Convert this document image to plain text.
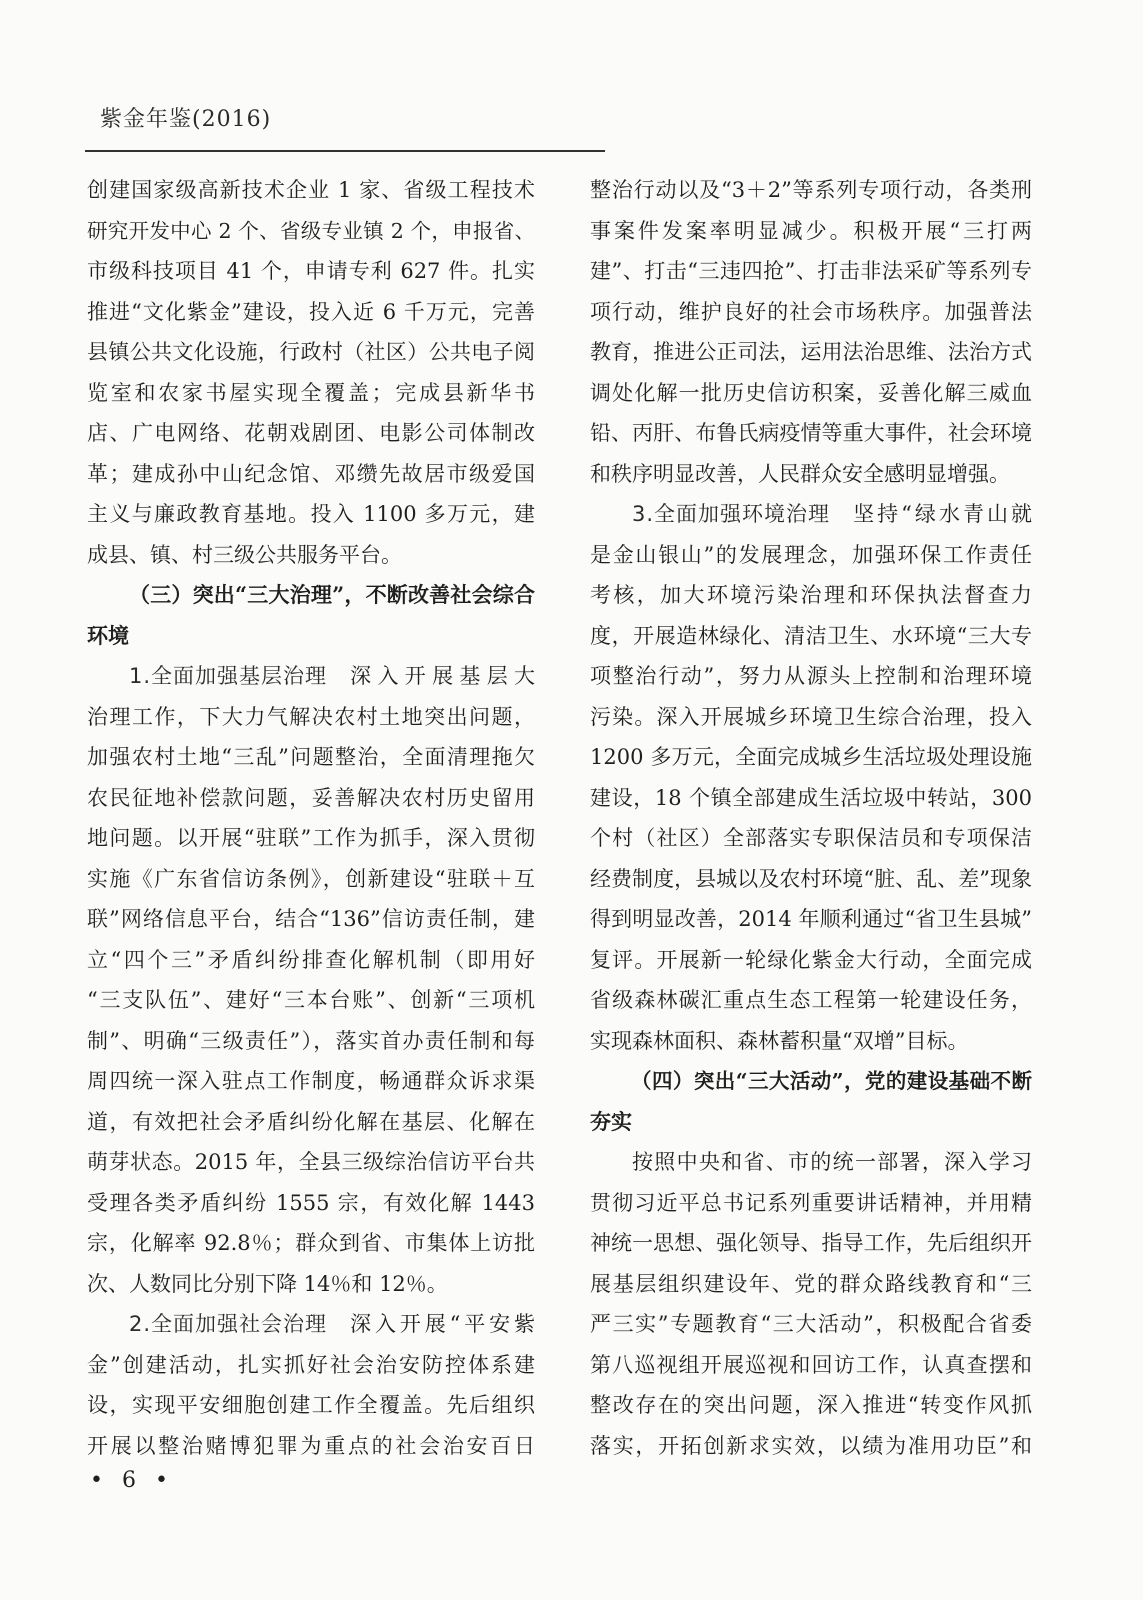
紫金年鉴(2016)
创建国家级高新技术企业 1 家、省级工程技术
研究开发中心 2 个、省级专业镇 2 个，申报省、
市级科技项目 41 个，申请专利 627 件。扎实
推进“文化紫金”建设，投入近 6 千万元，完善
县镇公共文化设施，行政村（社区）公共电子阅
览室和农家书屋实现全覆盖；完成县新华书
店、广电网络、花朝戏剧团、电影公司体制改
革；建成孙中山纪念馆、邓缵先故居市级爱国
主义与廉政教育基地。投入 1100 多万元，建
成县、镇、村三级公共服务平台。
（三）突出“三大治理”，不断改善社会综合
环境
1.全面加强基层治理 深入开展基层大
治理工作，下大力气解决农村土地突出问题，
加强农村土地“三乱”问题整治，全面清理拖欠
农民征地补偿款问题，妥善解决农村历史留用
地问题。以开展“驻联”工作为抓手，深入贯彻
实施《广东省信访条例》，创新建设“驻联＋互
联”网络信息平台，结合“136”信访责任制，建
立“四个三”矛盾纠纷排查化解机制（即用好
“三支队伍”、建好“三本台账”、创新“三项机
制”、明确“三级责任”），落实首办责任制和每
周四统一深入驻点工作制度，畅通群众诉求渠
道，有效把社会矛盾纠纷化解在基层、化解在
萌芽状态。2015 年，全县三级综治信访平台共
受理各类矛盾纠纷 1555 宗，有效化解 1443
宗，化解率 92.8％；群众到省、市集体上访批
次、人数同比分别下降 14％和 12％。
2.全面加强社会治理 深入开展“平安紫
金”创建活动，扎实抓好社会治安防控体系建
设，实现平安细胞创建工作全覆盖。先后组织
开展以整治赌博犯罪为重点的社会治安百日
整治行动以及“3＋2”等系列专项行动，各类刑
事案件发案率明显减少。积极开展“三打两
建”、打击“三违四抢”、打击非法采矿等系列专
项行动，维护良好的社会市场秩序。加强普法
教育，推进公正司法，运用法治思维、法治方式
调处化解一批历史信访积案，妥善化解三威血
铅、丙肝、布鲁氏病疫情等重大事件，社会环境
和秩序明显改善，人民群众安全感明显增强。
3.全面加强环境治理 坚持“绿水青山就
是金山银山”的发展理念，加强环保工作责任
考核，加大环境污染治理和环保执法督查力
度，开展造林绿化、清洁卫生、水环境“三大专
项整治行动”，努力从源头上控制和治理环境
污染。深入开展城乡环境卫生综合治理，投入
1200 多万元，全面完成城乡生活垃圾处理设施
建设，18 个镇全部建成生活垃圾中转站，300
个村（社区）全部落实专职保洁员和专项保洁
经费制度，县城以及农村环境“脏、乱、差”现象
得到明显改善，2014 年顺利通过“省卫生县城”
复评。开展新一轮绿化紫金大行动，全面完成
省级森林碳汇重点生态工程第一轮建设任务，
实现森林面积、森林蓄积量“双增”目标。
（四）突出“三大活动”，党的建设基础不断
夯实
按照中央和省、市的统一部署，深入学习
贯彻习近平总书记系列重要讲话精神，并用精
神统一思想、强化领导、指导工作，先后组织开
展基层组织建设年、党的群众路线教育和“三
严三实”专题教育“三大活动”，积极配合省委
第八巡视组开展巡视和回访工作，认真查摆和
整改存在的突出问题，深入推进“转变作风抓
落实，开拓创新求实效，以绩为准用功臣”和
• 6 •
